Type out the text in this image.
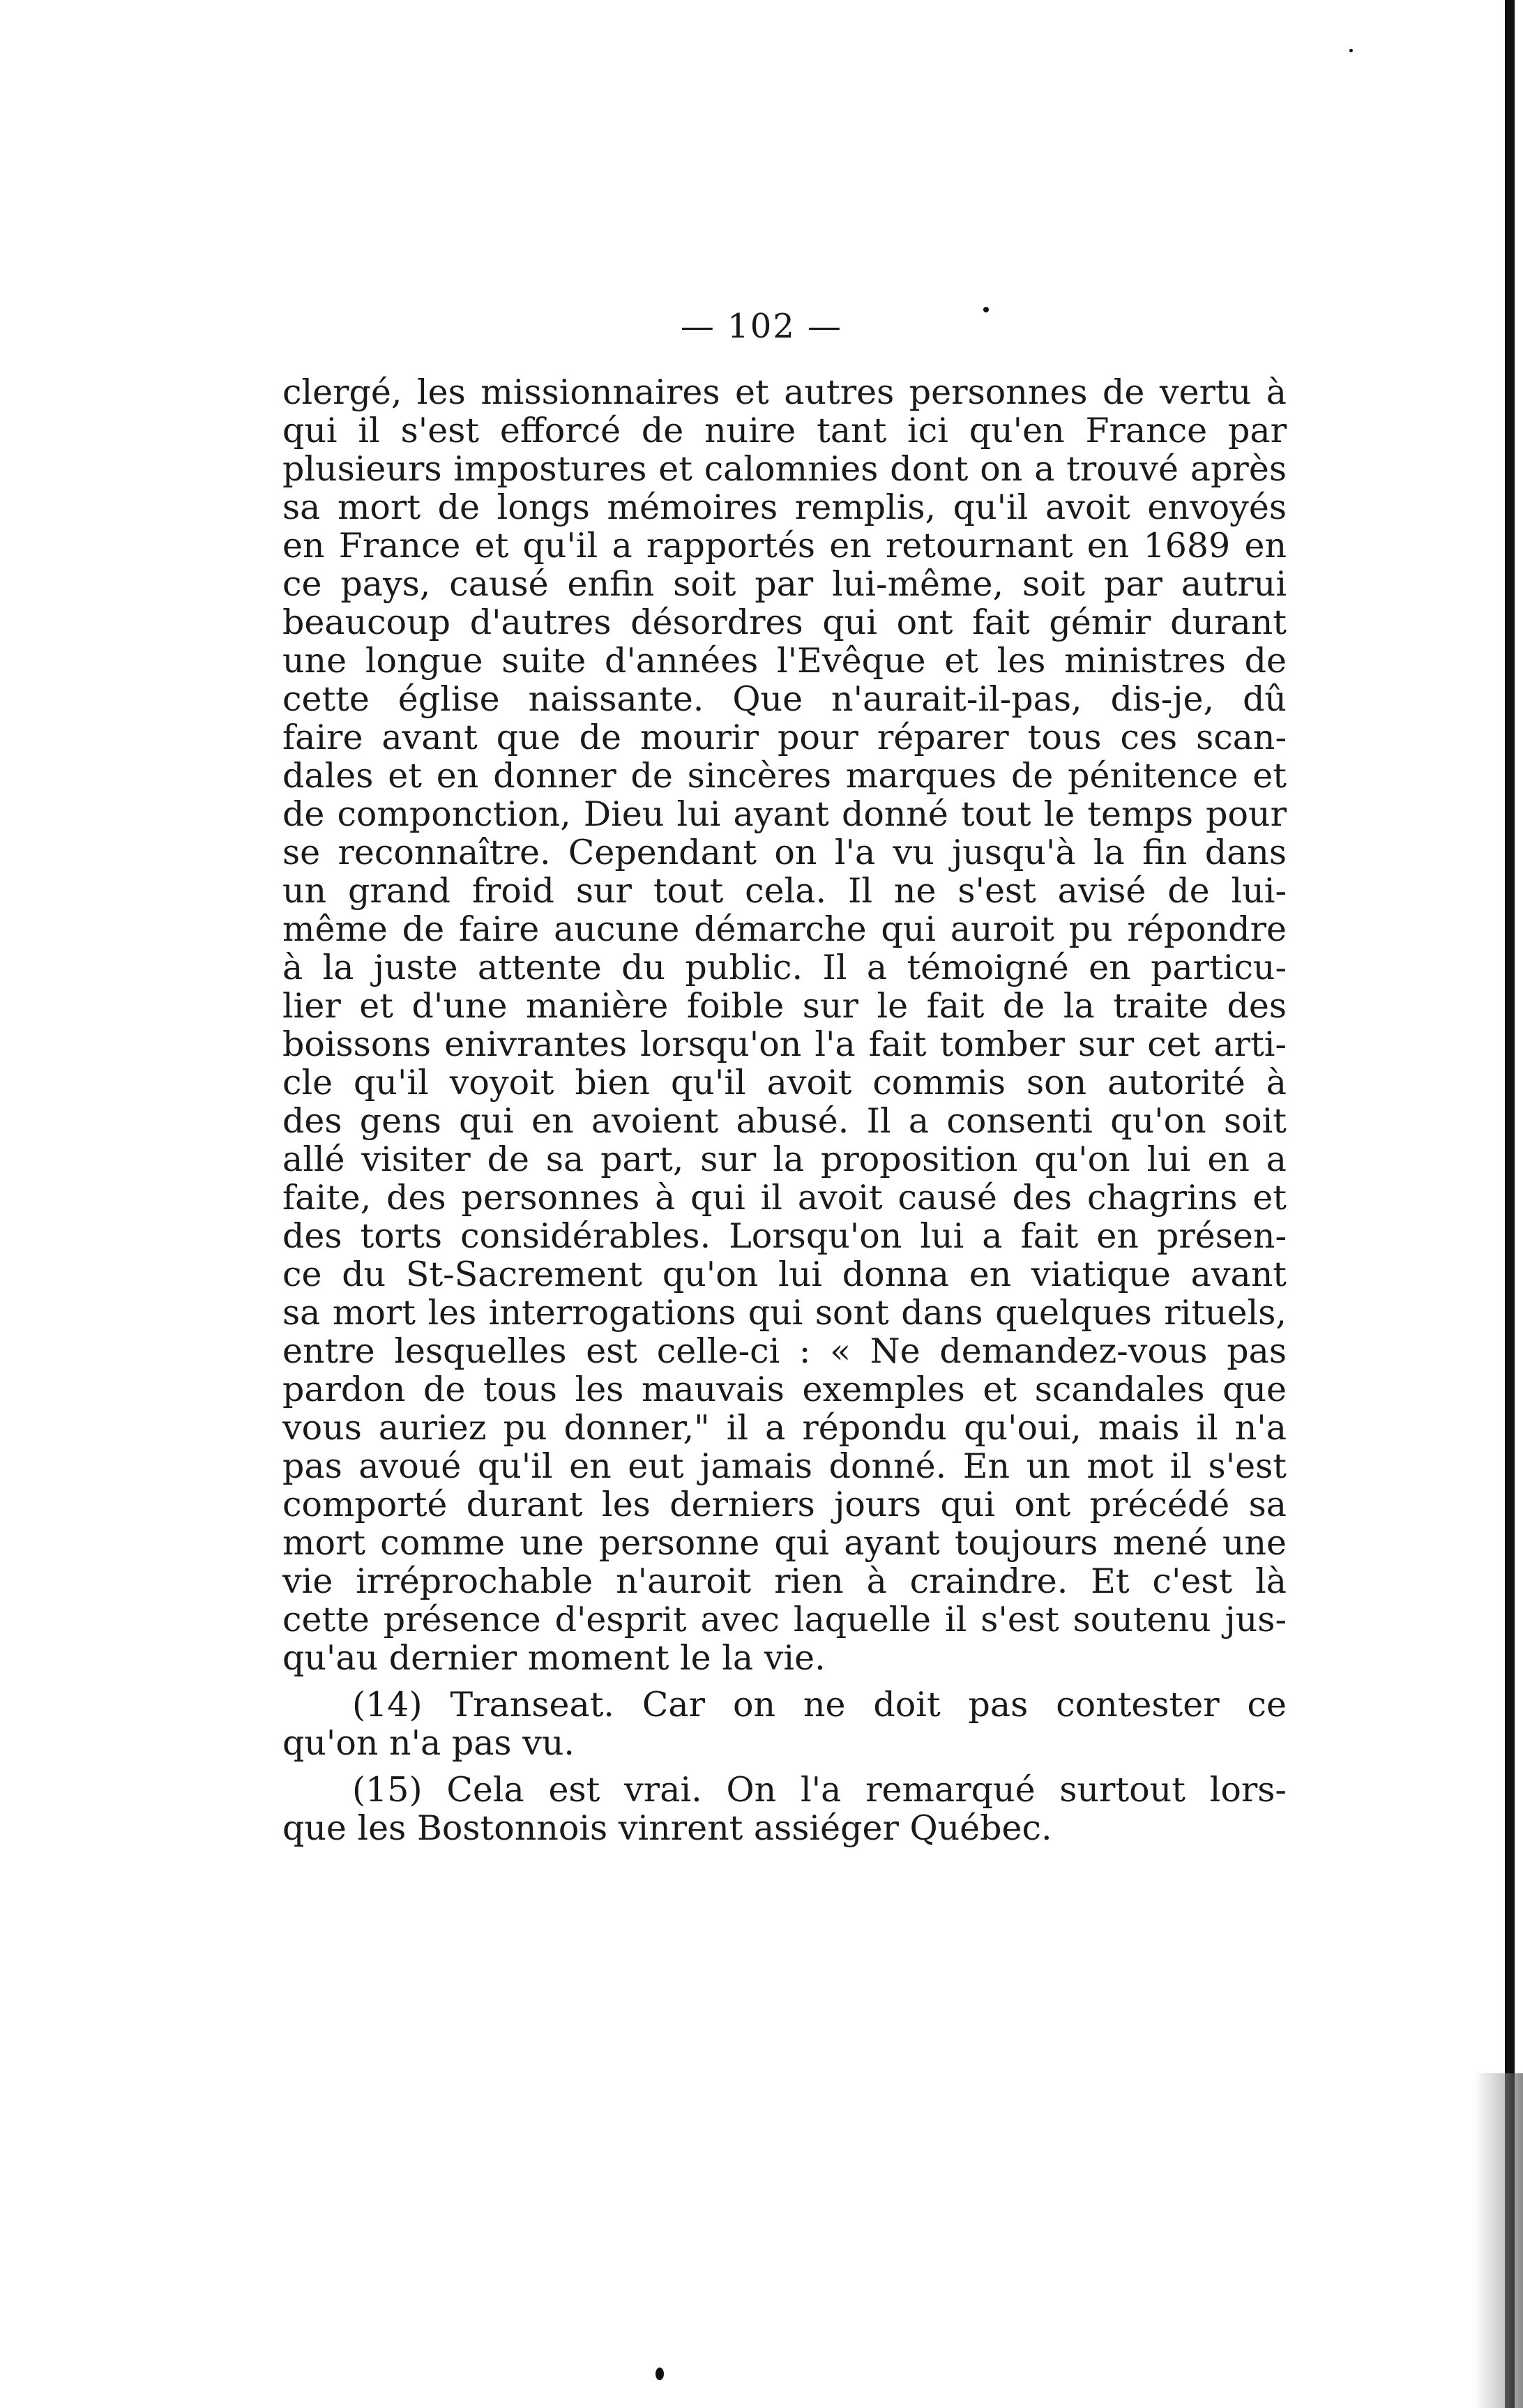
— 102 —
clergé, les missionnaires et autres personnes de vertu à
qui il s'est efforcé de nuire tant ici qu'en France par
plusieurs impostures et calomnies dont on a trouvé après
sa mort de longs mémoires remplis, qu'il avoit envoyés
en France et qu'il a rapportés en retournant en 1689 en
ce pays, causé enfin soit par lui-même, soit par autrui
beaucoup d'autres désordres qui ont fait gémir durant
une longue suite d'années l'Evêque et les ministres de
cette église naissante. Que n'aurait-il-pas, dis-je, dû
faire avant que de mourir pour réparer tous ces scan-
dales et en donner de sincères marques de pénitence et
de componction, Dieu lui ayant donné tout le temps pour
se reconnaître. Cependant on l'a vu jusqu'à la fin dans
un grand froid sur tout cela. Il ne s'est avisé de lui-
même de faire aucune démarche qui auroit pu répondre
à la juste attente du public. Il a témoigné en particu-
lier et d'une manière foible sur le fait de la traite des
boissons enivrantes lorsqu'on l'a fait tomber sur cet arti-
cle qu'il voyoit bien qu'il avoit commis son autorité à
des gens qui en avoient abusé. Il a consenti qu'on soit
allé visiter de sa part, sur la proposition qu'on lui en a
faite, des personnes à qui il avoit causé des chagrins et
des torts considérables. Lorsqu'on lui a fait en présen-
ce du St-Sacrement qu'on lui donna en viatique avant
sa mort les interrogations qui sont dans quelques rituels,
entre lesquelles est celle-ci : « Ne demandez-vous pas
pardon de tous les mauvais exemples et scandales que
vous auriez pu donner," il a répondu qu'oui, mais il n'a
pas avoué qu'il en eut jamais donné. En un mot il s'est
comporté durant les derniers jours qui ont précédé sa
mort comme une personne qui ayant toujours mené une
vie irréprochable n'auroit rien à craindre. Et c'est là
cette présence d'esprit avec laquelle il s'est soutenu jus-
qu'au dernier moment le la vie.
(14) Transeat. Car on ne doit pas contester ce
qu'on n'a pas vu.
(15) Cela est vrai. On l'a remarqué surtout lors-
que les Bostonnois vinrent assiéger Québec.
